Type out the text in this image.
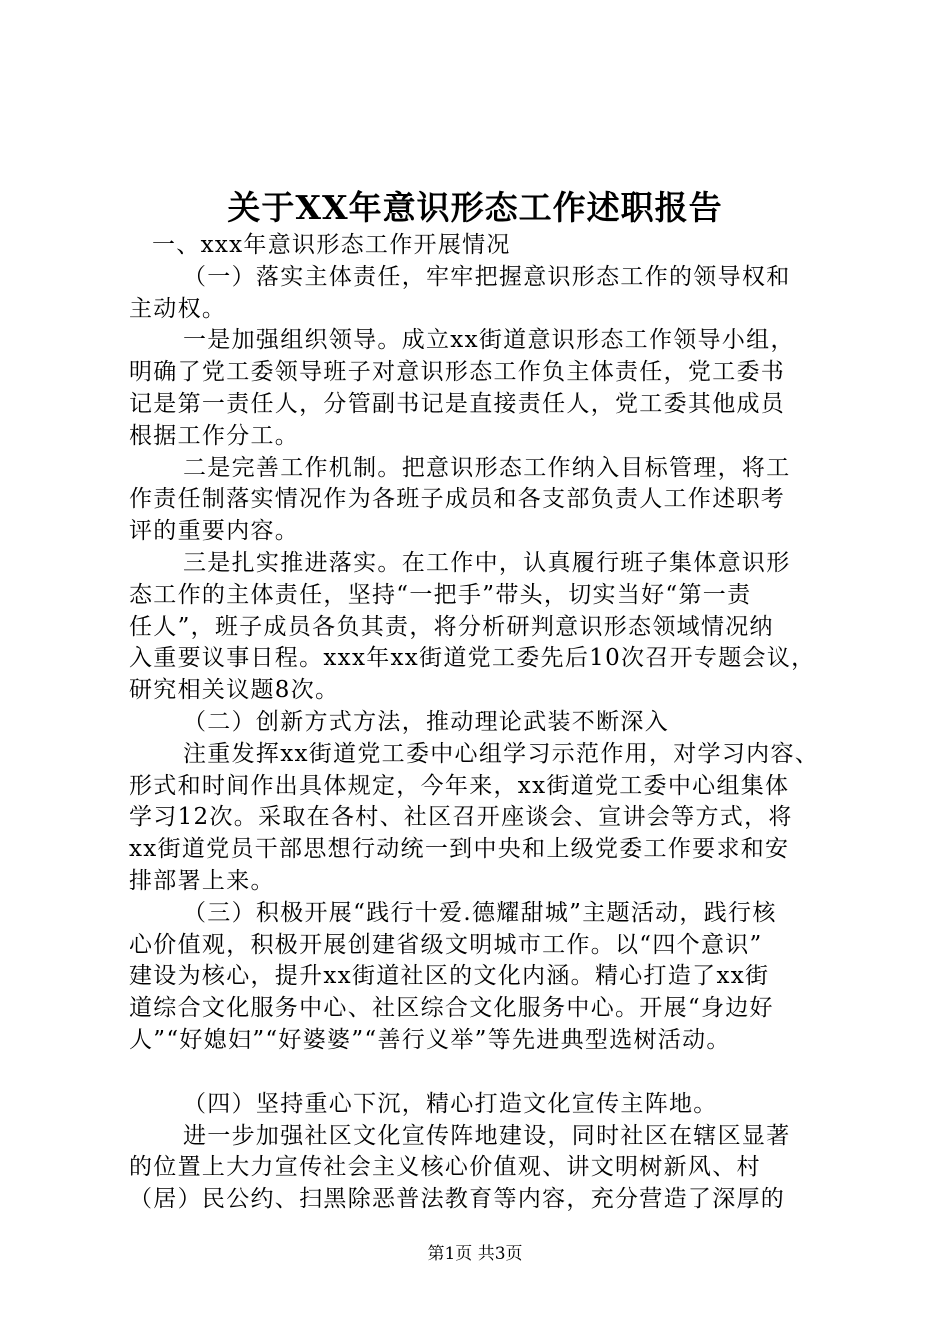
关于XX年意识形态工作述职报告
一、xxx年意识形态工作开展情况
（一）落实主体责任，牢牢把握意识形态工作的领导权和
主动权。
一是加强组织领导。成立xx街道意识形态工作领导小组，
明确了党工委领导班子对意识形态工作负主体责任，党工委书
记是第一责任人，分管副书记是直接责任人，党工委其他成员
根据工作分工。
二是完善工作机制。把意识形态工作纳入目标管理，将工
作责任制落实情况作为各班子成员和各支部负责人工作述职考
评的重要内容。
三是扎实推进落实。在工作中，认真履行班子集体意识形
态工作的主体责任，坚持“一把手”带头，切实当好“第一责
任人”，班子成员各负其责，将分析研判意识形态领域情况纳
入重要议事日程。xxx年xx街道党工委先后10次召开专题会议，
研究相关议题8次。
（二）创新方式方法，推动理论武装不断深入
注重发挥xx街道党工委中心组学习示范作用，对学习内容、
形式和时间作出具体规定，今年来，xx街道党工委中心组集体
学习12次。采取在各村、社区召开座谈会、宣讲会等方式，将
xx街道党员干部思想行动统一到中央和上级党委工作要求和安
排部署上来。
（三）积极开展“践行十爱.德耀甜城”主题活动，践行核
心价值观，积极开展创建省级文明城市工作。以“四个意识”
建设为核心，提升xx街道社区的文化内涵。精心打造了xx街
道综合文化服务中心、社区综合文化服务中心。开展“身边好
人”“好媳妇”“好婆婆”“善行义举”等先进典型选树活动。
（四）坚持重心下沉，精心打造文化宣传主阵地。
进一步加强社区文化宣传阵地建设，同时社区在辖区显著
的位置上大力宣传社会主义核心价值观、讲文明树新风、村
（居）民公约、扫黑除恶普法教育等内容，充分营造了深厚的
第1页 共3页
